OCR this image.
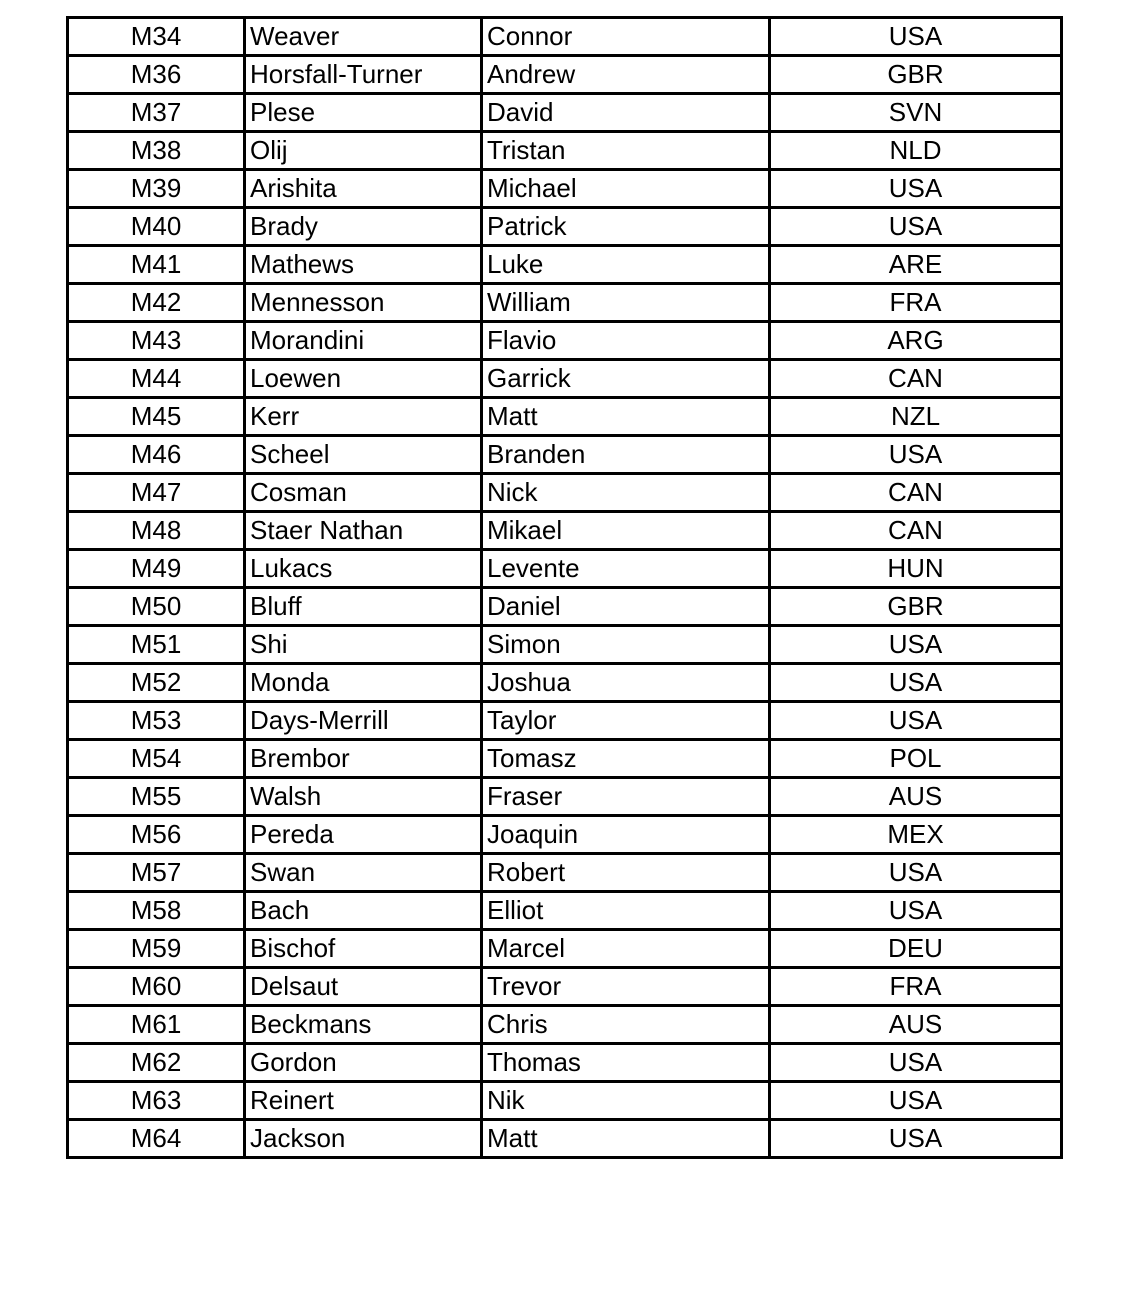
M34	Weaver	Connor	USA
M36	Horsfall-Turner	Andrew	GBR
M37	Plese	David	SVN
M38	Olij	Tristan	NLD
M39	Arishita	Michael	USA
M40	Brady	Patrick	USA
M41	Mathews	Luke	ARE
M42	Mennesson	William	FRA
M43	Morandini	Flavio	ARG
M44	Loewen	Garrick	CAN
M45	Kerr	Matt	NZL
M46	Scheel	Branden	USA
M47	Cosman	Nick	CAN
M48	Staer Nathan	Mikael	CAN
M49	Lukacs	Levente	HUN
M50	Bluff	Daniel	GBR
M51	Shi	Simon	USA
M52	Monda	Joshua	USA
M53	Days-Merrill	Taylor	USA
M54	Brembor	Tomasz	POL
M55	Walsh	Fraser	AUS
M56	Pereda	Joaquin	MEX
M57	Swan	Robert	USA
M58	Bach	Elliot	USA
M59	Bischof	Marcel	DEU
M60	Delsaut	Trevor	FRA
M61	Beckmans	Chris	AUS
M62	Gordon	Thomas	USA
M63	Reinert	Nik	USA
M64	Jackson	Matt	USA
